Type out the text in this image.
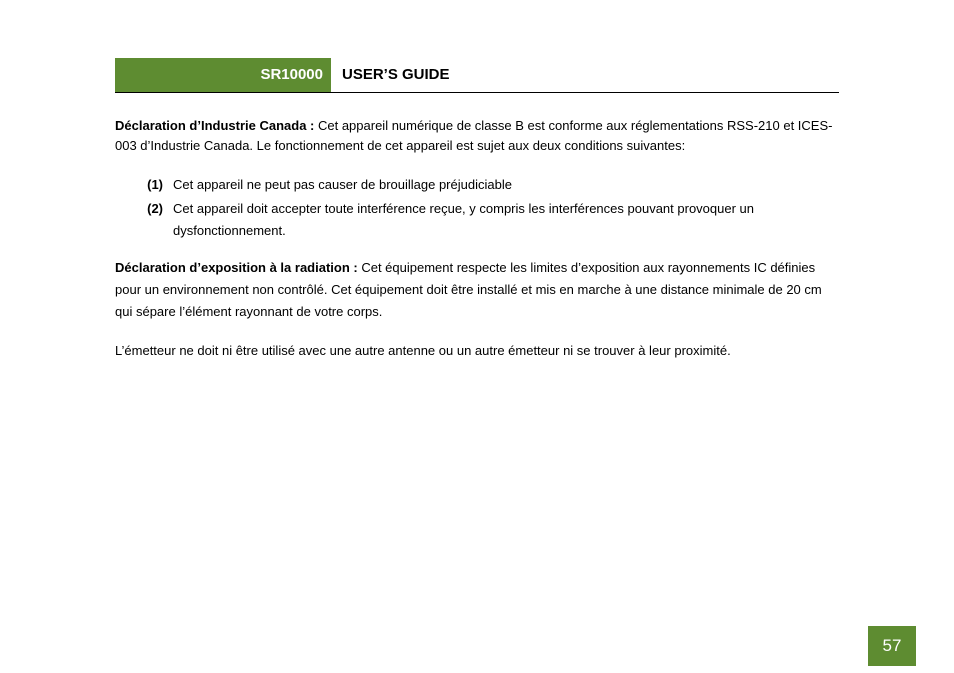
SR10000	USER’S GUIDE

Déclaration d’Industrie Canada : Cet appareil numérique de classe B est conforme aux réglementations RSS-210 et ICES-003 d’Industrie Canada. Le fonctionnement de cet appareil est sujet aux deux conditions suivantes:

(1) Cet appareil ne peut pas causer de brouillage préjudiciable
(2) Cet appareil doit accepter toute interférence reçue, y compris les interférences pouvant provoquer un dysfonctionnement.

Déclaration d’exposition à la radiation : Cet équipement respecte les limites d’exposition aux rayonnements IC définies pour un environnement non contrôlé. Cet équipement doit être installé et mis en marche à une distance minimale de 20 cm qui sépare l’élément rayonnant de votre corps.

L’émetteur ne doit ni être utilisé avec une autre antenne ou un autre émetteur ni se trouver à leur proximité.

57
